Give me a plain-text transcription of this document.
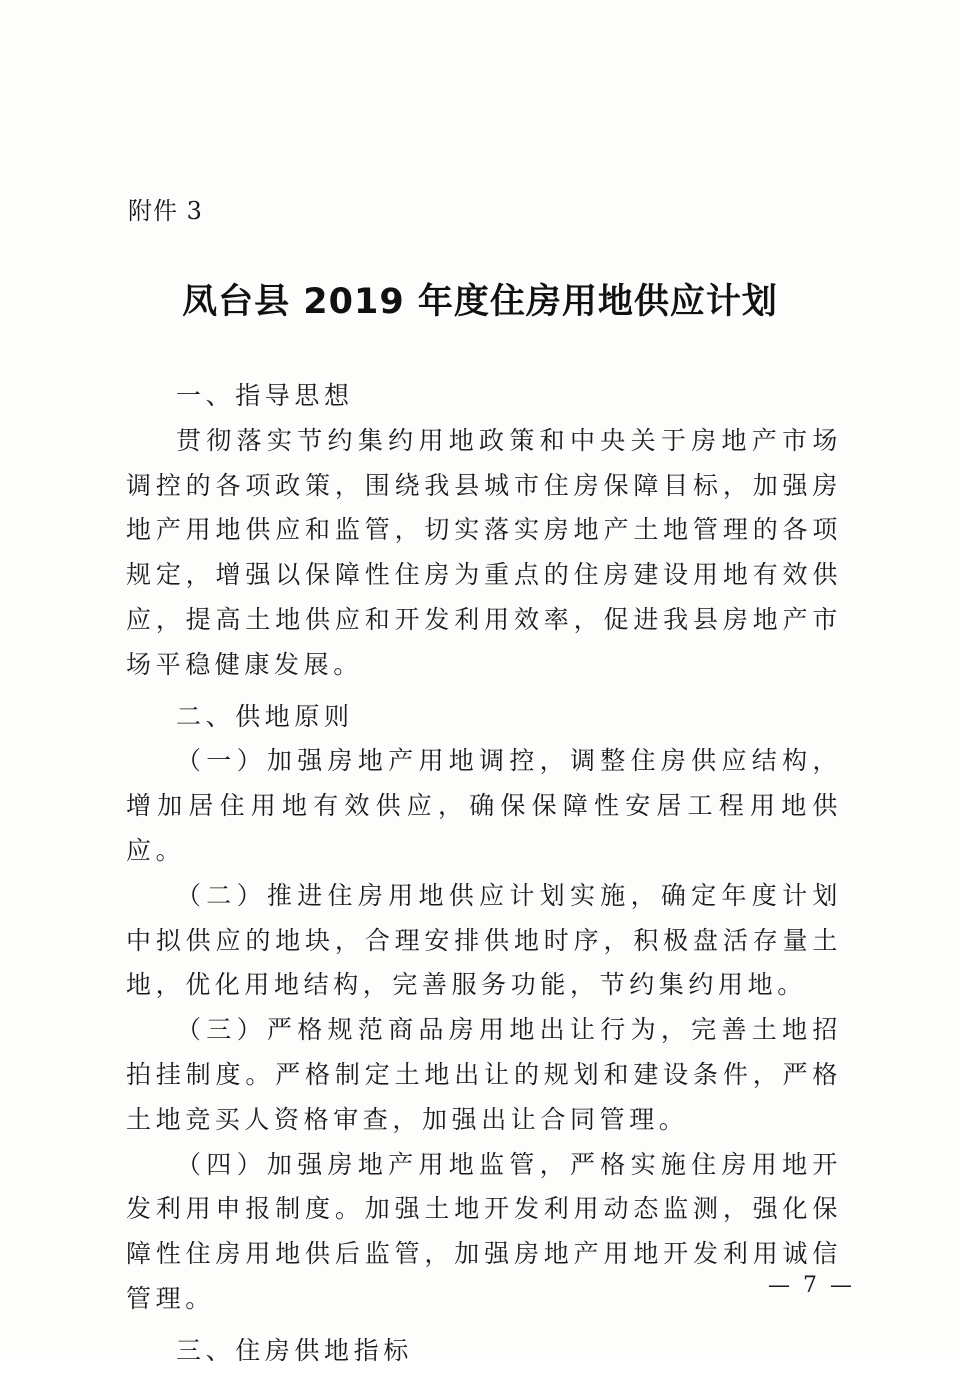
附件 3
凤台县 2019 年度住房用地供应计划

一、指导思想

贯彻落实节约集约用地政策和中央关于房地产市场调控的各项政策，围绕我县城市住房保障目标，加强房地产用地供应和监管，切实落实房地产土地管理的各项规定，增强以保障性住房为重点的住房建设用地有效供应，提高土地供应和开发利用效率，促进我县房地产市场平稳健康发展。

二、供地原则

（一）加强房地产用地调控，调整住房供应结构，增加居住用地有效供应，确保保障性安居工程用地供应。

（二）推进住房用地供应计划实施，确定年度计划中拟供应的地块，合理安排供地时序，积极盘活存量土地，优化用地结构，完善服务功能，节约集约用地。

（三）严格规范商品房用地出让行为，完善土地招拍挂制度。严格制定土地出让的规划和建设条件，严格土地竞买人资格审查，加强出让合同管理。

（四）加强房地产用地监管，严格实施住房用地开发利用申报制度。加强土地开发利用动态监测，强化保障性住房用地供后监管，加强房地产用地开发利用诚信管理。

三、住房供地指标

— 7 —
